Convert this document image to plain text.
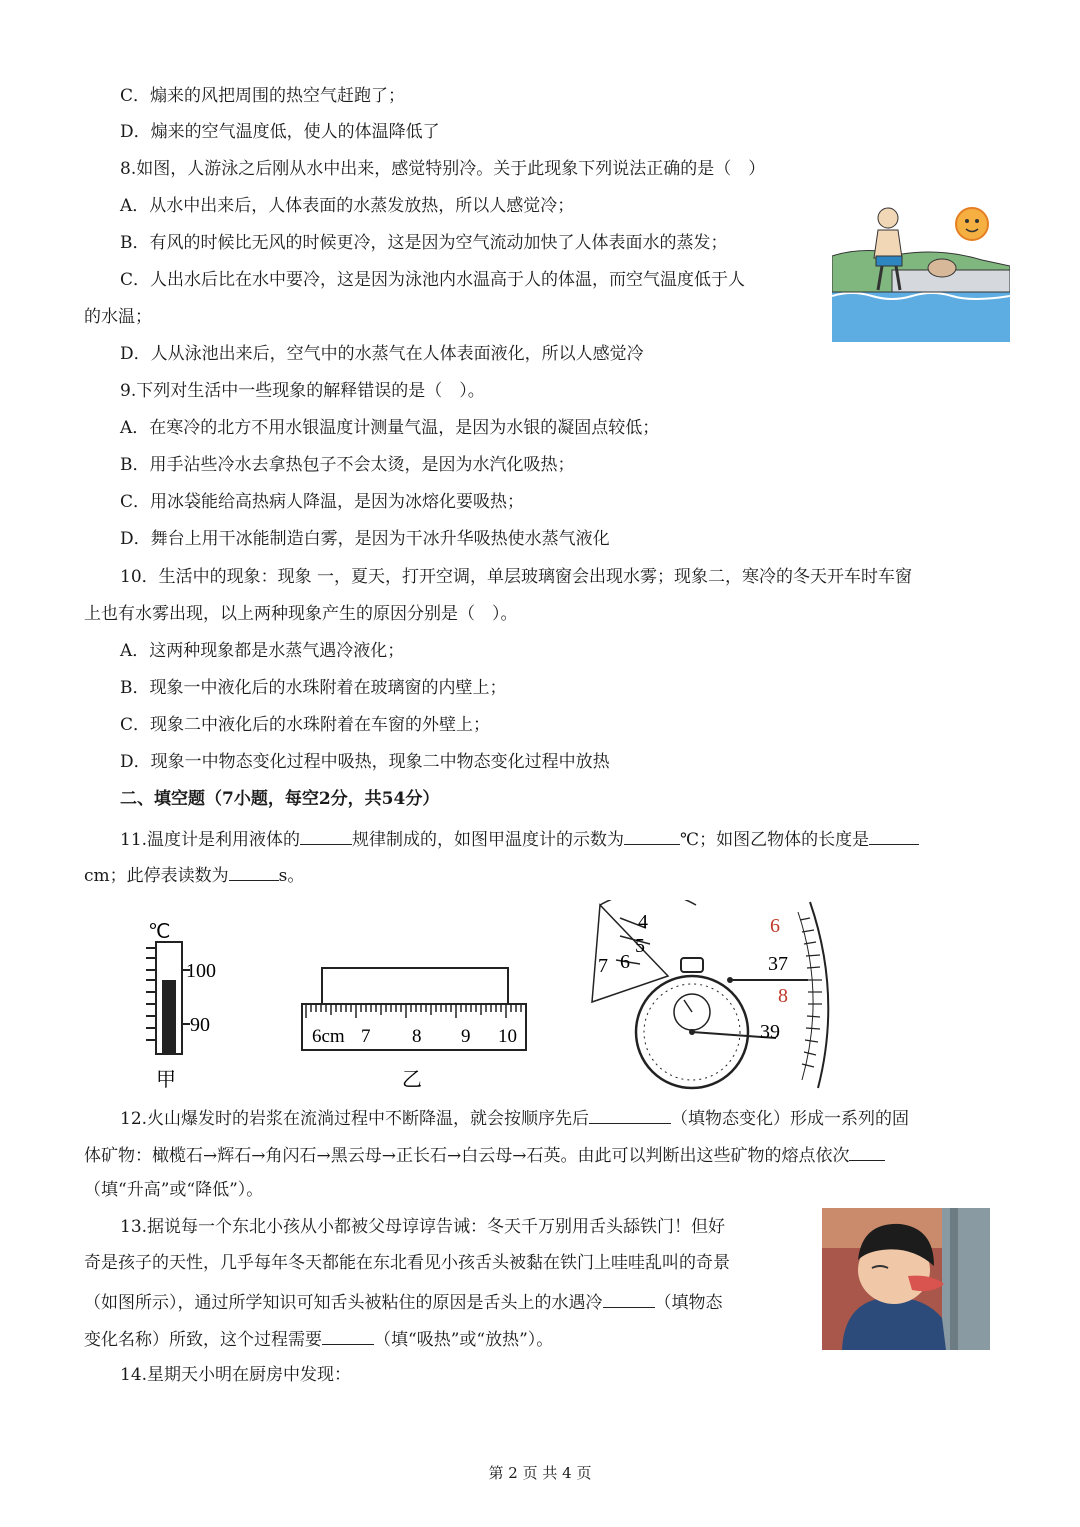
C．煽来的风把周围的热空气赶跑了；
D．煽来的空气温度低，使人的体温降低了
8.如图，人游泳之后刚从水中出来，感觉特别冷。关于此现象下列说法正确的是（　）
A．从水中出来后，人体表面的水蒸发放热，所以人感觉冷；
B．有风的时候比无风的时候更冷，这是因为空气流动加快了人体表面水的蒸发；
C．人出水后比在水中要冷，这是因为泳池内水温高于人的体温，而空气温度低于人
的水温；
D．人从泳池出来后，空气中的水蒸气在人体表面液化，所以人感觉冷
9.下列对生活中一些现象的解释错误的是（　）。
A．在寒冷的北方不用水银温度计测量气温，是因为水银的凝固点较低；
B．用手沾些冷水去拿热包子不会太烫，是因为水汽化吸热；
C．用冰袋能给高热病人降温，是因为冰熔化要吸热；
D．舞台上用干冰能制造白雾，是因为干冰升华吸热使水蒸气液化
10．生活中的现象：现象 一，夏天，打开空调，单层玻璃窗会出现水雾；现象二，寒冷的冬天开车时车窗
上也有水雾出现，以上两种现象产生的原因分别是（　）。
A．这两种现象都是水蒸气遇冷液化；
B．现象一中液化后的水珠附着在玻璃窗的内壁上；
C．现象二中液化后的水珠附着在车窗的外壁上；
D．现象一中物态变化过程中吸热，现象二中物态变化过程中放热
二、填空题（7小题，每空2分，共54分）
11.温度计是利用液体的	规律制成的，如图甲温度计的示数为	℃；如图乙物体的长度是
cm；此停表读数为	s。
℃
100
90
甲
6cm 7 8 9 10
乙
4
5
6
7
6
37
8
39
12.火山爆发时的岩浆在流淌过程中不断降温，就会按顺序先后	（填物态变化）形成一系列的固
体矿物：橄榄石→辉石→角闪石→黑云母→正长石→白云母→石英。由此可以判断出这些矿物的熔点依次
（填“升高”或“降低”）。
13.据说每一个东北小孩从小都被父母谆谆告诫：冬天千万别用舌头舔铁门！但好
奇是孩子的天性，几乎每年冬天都能在东北看见小孩舌头被黏在铁门上哇哇乱叫的奇景
（如图所示），通过所学知识可知舌头被粘住的原因是舌头上的水遇冷	（填物态
变化名称）所致，这个过程需要	（填“吸热”或“放热”）。
14.星期天小明在厨房中发现：
第 2 页 共 4 页
